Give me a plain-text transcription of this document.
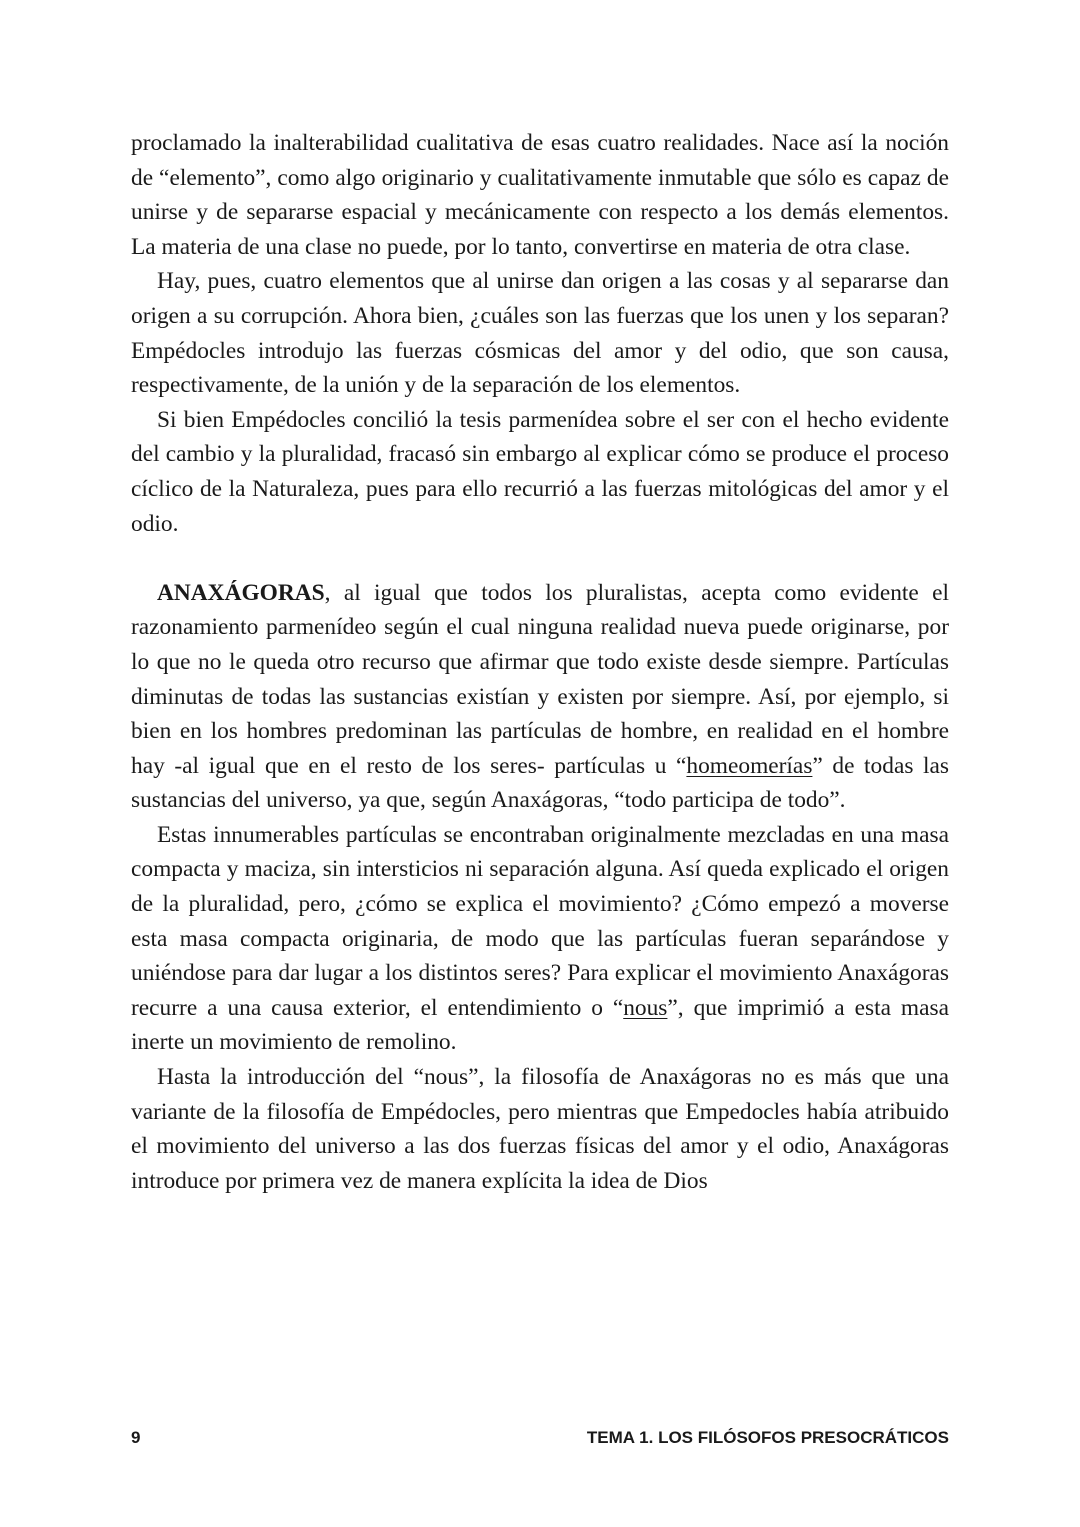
proclamado la inalterabilidad cualitativa de esas cuatro realidades. Nace así la noción de “elemento”, como algo originario y cualitativamente inmutable que sólo es capaz de unirse y de separarse espacial y mecánicamente con respecto a los demás elementos. La materia de una clase no puede, por lo tanto, convertirse en materia de otra clase.

Hay, pues, cuatro elementos que al unirse dan origen a las cosas y al separarse dan origen a su corrupción. Ahora bien, ¿cuáles son las fuerzas que los unen y los separan? Empédocles introdujo las fuerzas cósmicas del amor y del odio, que son causa, respectivamente, de la unión y de la separación de los elementos.

Si bien Empédocles concilió la tesis parmenídea sobre el ser con el hecho evidente del cambio y la pluralidad, fracasó sin embargo al explicar cómo se produce el proceso cíclico de la Naturaleza, pues para ello recurrió a las fuerzas mitológicas del amor y el odio.

ANAXÁGORAS, al igual que todos los pluralistas, acepta como evidente el razonamiento parmenídeo según el cual ninguna realidad nueva puede originarse, por lo que no le queda otro recurso que afirmar que todo existe desde siempre. Partículas diminutas de todas las sustancias existían y existen por siempre. Así, por ejemplo, si bien en los hombres predominan las partículas de hombre, en realidad en el hombre hay -al igual que en el resto de los seres- partículas u “homeomerías” de todas las sustancias del universo, ya que, según Anaxágoras, “todo participa de todo”.

Estas innumerables partículas se encontraban originalmente mezcladas en una masa compacta y maciza, sin intersticios ni separación alguna. Así queda explicado el origen de la pluralidad, pero, ¿cómo se explica el movimiento? ¿Cómo empezó a moverse esta masa compacta originaria, de modo que las partículas fueran separándose y uniéndose para dar lugar a los distintos seres? Para explicar el movimiento Anaxágoras recurre a una causa exterior, el entendimiento o “nous”, que imprimió a esta masa inerte un movimiento de remolino.

Hasta la introducción del “nous”, la filosofía de Anaxágoras no es más que una variante de la filosofía de Empédocles, pero mientras que Empedocles había atribuido el movimiento del universo a las dos fuerzas físicas del amor y el odio, Anaxágoras introduce por primera vez de manera explícita la idea de Dios

9	TEMA 1. LOS FILÓSOFOS PRESOCRÁTICOS
